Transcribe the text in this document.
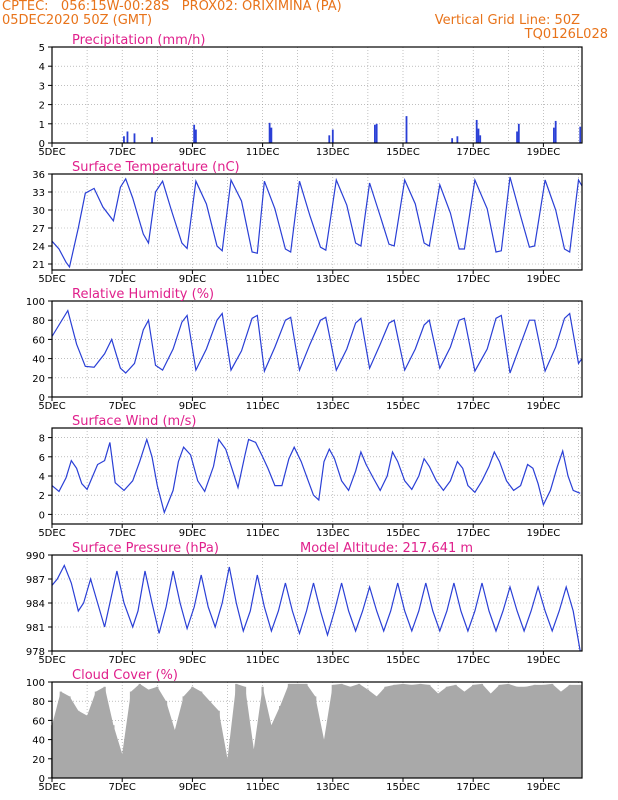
CPTEC:   056:15W-00:28S   PROX02: ORIXIMINA (PA)
05DEC2020 50Z (GMT)	Vertical Grid Line: 50Z
TQ0126L028
0
1
2
3
4
5
5DEC	7DEC	9DEC	11DEC	13DEC	15DEC	17DEC	19DEC
Precipitation (mm/h)
21
24
27
30
33
36
5DEC	7DEC	9DEC	11DEC	13DEC	15DEC	17DEC	19DEC
Surface Temperature (nC)
0
20
40
60
80
100
5DEC	7DEC	9DEC	11DEC	13DEC	15DEC	17DEC	19DEC
Relative Humidity (%)
0
2
4
6
8
5DEC	7DEC	9DEC	11DEC	13DEC	15DEC	17DEC	19DEC
Surface Wind (m/s)
978
981
984
987
990
5DEC	7DEC	9DEC	11DEC	13DEC	15DEC	17DEC	19DEC
Surface Pressure (hPa)	Model Altitude: 217.641 m
0
20
40
60
80
100
5DEC	7DEC	9DEC	11DEC	13DEC	15DEC	17DEC	19DEC
Cloud Cover (%)
